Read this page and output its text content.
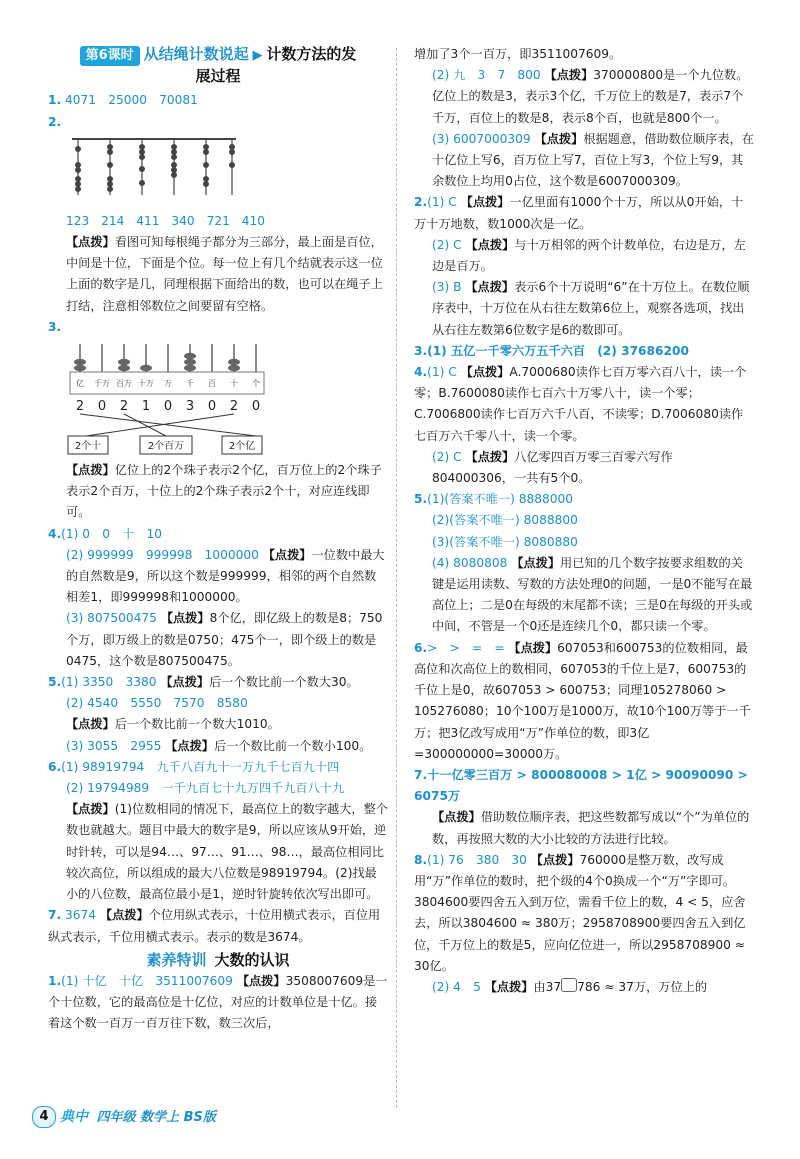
第6课时 从结绳计数说起 ▶ 计数方法的发
展过程

1. 4071　25000　70081

2.

123 214 411 340 721 410

【点拨】看图可知每根绳子都分为三部分，最上面是百位，中间是十位，下面是个位。每一位上有几个结就表示这一位上面的数字是几，同理根据下面给出的数，也可以在绳子上打结，注意相邻数位之间要留有空格。

3.

亿 千万 百万 十万 万 千 百 十 个
2 0 2 1 0 3 0 2 0
2个十	2个百万	2个亿

【点拨】亿位上的2个珠子表示2个亿，百万位上的2个珠子表示2个百万，十位上的2个珠子表示2个十，对应连线即可。

4.(1) 0　0　十　10

(2) 999999　999998　1000000 【点拨】一位数中最大的自然数是9，所以这个数是999999，相邻的两个自然数相差1，即999998和1000000。

(3) 807500475 【点拨】8个亿，即亿级上的数是8；750个万，即万级上的数是0750；475个一，即个级上的数是0475，这个数是807500475。

5.(1) 3350　3380 【点拨】后一个数比前一个数大30。

(2) 4540　5550　7570　8580

【点拨】后一个数比前一个数大1010。

(3) 3055　2955 【点拨】后一个数比前一个数小100。

6.(1) 98919794　九千八百九十一万九千七百九十四

(2) 19794989　一千九百七十九万四千九百八十九

【点拨】(1)位数相同的情况下，最高位上的数字越大，整个数也就越大。题目中最大的数字是9，所以应该从9开始，逆时针转，可以是94…、97…、91…、98…，最高位相同比较次高位，所以组成的最大八位数是98919794。(2)找最小的八位数，最高位最小是1，逆时针旋转依次写出即可。

7. 3674 【点拨】个位用纵式表示，十位用横式表示，百位用纵式表示，千位用横式表示。表示的数是3674。

素养特训 大数的认识

1.(1) 十亿　十亿　3511007609 【点拨】3508007609是一个十位数，它的最高位是十亿位，对应的计数单位是十亿。接着这个数一百万一百万往下数，数三次后，

增加了3个一百万，即3511007609。

(2) 九　3　7　800 【点拨】370000800是一个九位数。亿位上的数是3，表示3个亿，千万位上的数是7，表示7个千万，百位上的数是8，表示8个百，也就是800个一。

(3) 6007000309 【点拨】根据题意，借助数位顺序表，在十亿位上写6，百万位上写7，百位上写3，个位上写9，其余数位上均用0占位，这个数是6007000309。

2.(1) C 【点拨】一亿里面有1000个十万，所以从0开始，十万十万地数，数1000次是一亿。

(2) C 【点拨】与十万相邻的两个计数单位，右边是万，左边是百万。

(3) B 【点拨】表示6个十万说明“6”在十万位上。在数位顺序表中，十万位在从右往左数第6位上，观察各选项，找出从右往左数第6位数字是6的数即可。

3.(1) 五亿一千零六万五千六百　(2) 37686200

4.(1) C 【点拨】A.7000680读作七百万零六百八十，读一个零；B.7600080读作七百六十万零八十，读一个零；C.7006800读作七百万六千八百，不读零；D.7006080读作七百万六千零八十，读一个零。

(2) C 【点拨】八亿零四百万零三百零六写作804000306，一共有5个0。

5.(1)(答案不唯一) 8888000

(2)(答案不唯一) 8088800

(3)(答案不唯一) 8080880

(4) 8080808 【点拨】用已知的几个数字按要求组数的关键是运用读数、写数的方法处理0的问题，一是0不能写在最高位上；二是0在每级的末尾都不读；三是0在每级的开头或中间，不管是一个0还是连续几个0，都只读一个零。

6.>　>　=　= 【点拨】607053和600753的位数相同，最高位和次高位上的数相同，607053的千位上是7，600753的千位上是0，故607053 > 600753；同理105278060 > 105276080；10个100万是1000万，故10个100万等于一千万；把3亿改写成用“万”作单位的数，即3亿=300000000=30000万。

7.十一亿零三百万 > 800080008 > 1亿 > 90090090 > 6075万

【点拨】借助数位顺序表，把这些数都写成以“个”为单位的数，再按照大数的大小比较的方法进行比较。

8.(1) 76　380　30 【点拨】760000是整万数，改写成用“万”作单位的数时，把个级的4个0换成一个“万”字即可。3804600要四舍五入到万位，需看千位上的数，4 < 5，应舍去，所以3804600 ≈ 380万；2958708900要四舍五入到亿位，千万位上的数是5，应向亿位进一，所以2958708900 ≈ 30亿。

(2) 4　5 【点拨】由37 786 ≈ 37万，万位上的

4 典中 四年级 数学上 BS版
